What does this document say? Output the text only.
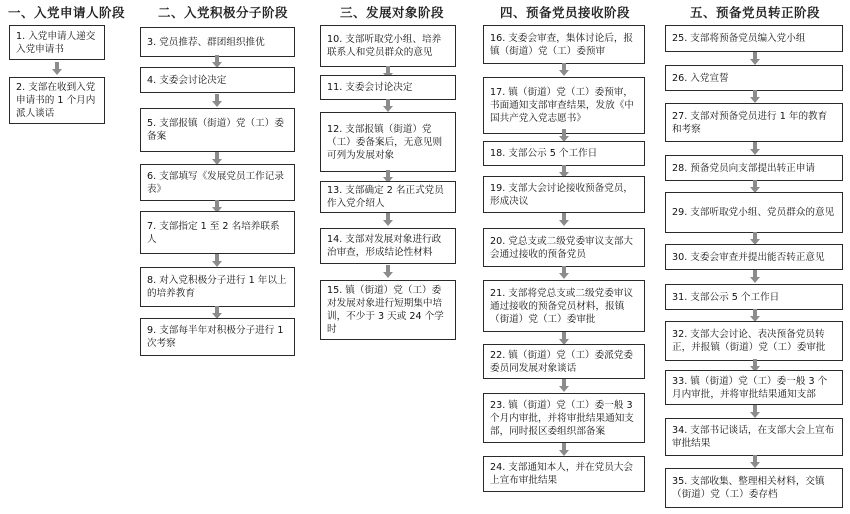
一、入党申请人阶段	二、入党积极分子阶段	三、发展对象阶段	四、预备党员接收阶段	五、预备党员转正阶段
1. 入党申请人递交入党申请书
2. 支部在收到入党申请书的 1 个月内派人谈话
3. 党员推荐、群团组织推优
4. 支委会讨论决定
5. 支部报镇（街道）党（工）委备案
6. 支部填写《发展党员工作记录表》
7. 支部指定 1 至 2 名培养联系人
8. 对入党积极分子进行 1 年以上的培养教育
9. 支部每半年对积极分子进行 1 次考察
10. 支部听取党小组、培养联系人和党员群众的意见
11. 支委会讨论决定
12. 支部报镇（街道）党（工）委备案后，无意见则可列为发展对象
13. 支部确定 2 名正式党员作入党介绍人
14. 支部对发展对象进行政治审查，形成结论性材料
15. 镇（街道）党（工）委对发展对象进行短期集中培训，不少于 3 天或 24 个学时
16. 支委会审查，集体讨论后，报镇（街道）党（工）委预审
17. 镇（街道）党（工）委预审，书面通知支部审查结果，发放《中国共产党入党志愿书》
18. 支部公示 5 个工作日
19. 支部大会讨论接收预备党员，形成决议
20. 党总支或二级党委审议支部大会通过接收的预备党员
21. 支部将党总支或二级党委审议通过接收的预备党员材料，报镇（街道）党（工）委审批
22. 镇（街道）党（工）委派党委委员同发展对象谈话
23. 镇（街道）党（工）委一般 3 个月内审批，并将审批结果通知支部，同时报区委组织部备案
24. 支部通知本人，并在党员大会上宣布审批结果
25. 支部将预备党员编入党小组
26. 入党宣誓
27. 支部对预备党员进行 1 年的教育和考察
28. 预备党员向支部提出转正申请
29. 支部听取党小组、党员群众的意见
30. 支委会审查并提出能否转正意见
31. 支部公示 5 个工作日
32. 支部大会讨论、表决预备党员转正，并报镇（街道）党（工）委审批
33. 镇（街道）党（工）委一般 3 个月内审批，并将审批结果通知支部
34. 支部书记谈话，在支部大会上宣布审批结果
35. 支部收集、整理相关材料，交镇（街道）党（工）委存档
